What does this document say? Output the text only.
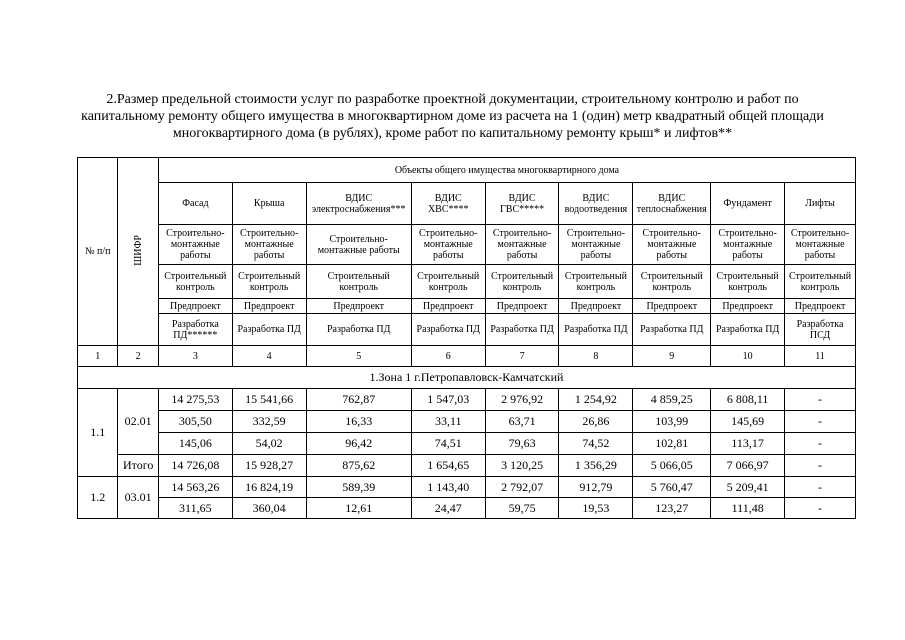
2.Размер предельной стоимости услуг по разработке проектной документации, строительному контролю и работ по капитальному ремонту общего имущества в многоквартирном доме из расчета на 1 (один) метр квадратный общей площади многоквартирного дома (в рублях), кроме работ по капитальному ремонту крыш* и лифтов**
№ п/п	ШИФР	Объекты общего имущества многоквартирного дома								
		Фасад	Крыша	ВДИС электроснабжения***	ВДИС ХВС****	ВДИС ГВС*****	ВДИС водоотведения	ВДИС теплоснабжения	Фундамент	Лифты
		Строительно-монтажные работы	Строительно-монтажные работы	Строительно-монтажные работы	Строительно-монтажные работы	Строительно-монтажные работы	Строительно-монтажные работы	Строительно-монтажные работы	Строительно-монтажные работы	Строительно-монтажные работы
		Строительный контроль	Строительный контроль	Строительный контроль	Строительный контроль	Строительный контроль	Строительный контроль	Строительный контроль	Строительный контроль	Строительный контроль
		Предпроект	Предпроект	Предпроект	Предпроект	Предпроект	Предпроект	Предпроект	Предпроект	Предпроект
		Разработка ПД******	Разработка ПД	Разработка ПД	Разработка ПД	Разработка ПД	Разработка ПД	Разработка ПД	Разработка ПД	Разработка ПСД
1	2	3	4	5	6	7	8	9	10	11
1.Зона 1 г.Петропавловск-Камчатский										
1.1	02.01	14 275,53	15 541,66	762,87	1 547,03	2 976,92	1 254,92	4 859,25	6 808,11	-
		305,50	332,59	16,33	33,11	63,71	26,86	103,99	145,69	-
		145,06	54,02	96,42	74,51	79,63	74,52	102,81	113,17	-
	Итого	14 726,08	15 928,27	875,62	1 654,65	3 120,25	1 356,29	5 066,05	7 066,97	-
1.2	03.01	14 563,26	16 824,19	589,39	1 143,40	2 792,07	912,79	5 760,47	5 209,41	-
		311,65	360,04	12,61	24,47	59,75	19,53	123,27	111,48	-
